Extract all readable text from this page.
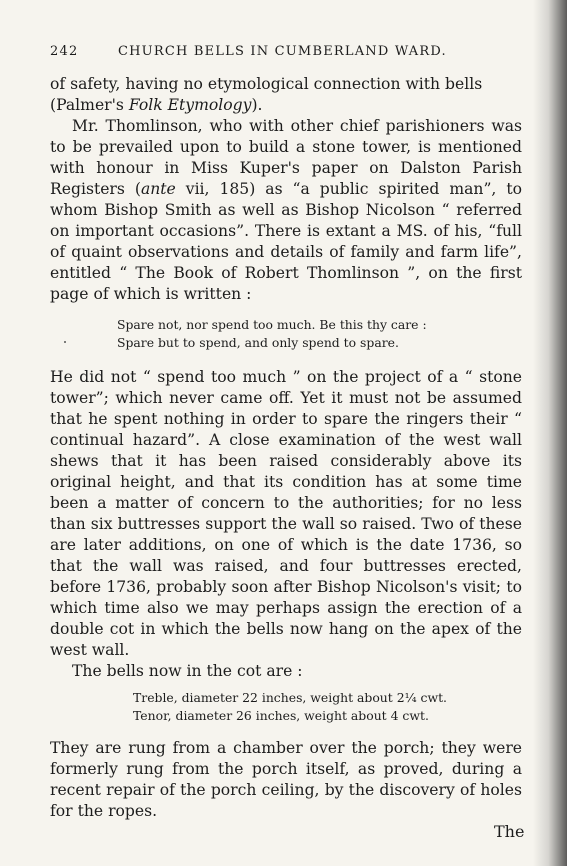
242	CHURCH BELLS IN CUMBERLAND WARD.

of safety, having no etymological connection with bells
(Palmer's Folk Etymology).

Mr. Thomlinson, who with other chief parishioners was to be prevailed upon to build a stone tower, is mentioned with honour in Miss Kuper's paper on Dalston Parish Registers (ante vii, 185) as “a public spirited man”, to whom Bishop Smith as well as Bishop Nicolson “ referred on important occasions”. There is extant a MS. of his, “full of quaint observations and details of family and farm life”, entitled “ The Book of Robert Thomlinson ”, on the first page of which is written :

Spare not, nor spend too much. Be this thy care :
Spare but to spend, and only spend to spare.

He did not “ spend too much ” on the project of a “ stone tower”; which never came off. Yet it must not be assumed that he spent nothing in order to spare the ringers their “ continual hazard”. A close examination of the west wall shews that it has been raised considerably above its original height, and that its condition has at some time been a matter of concern to the authorities; for no less than six buttresses support the wall so raised. Two of these are later additions, on one of which is the date 1736, so that the wall was raised, and four buttresses erected, before 1736, probably soon after Bishop Nicolson's visit; to which time also we may perhaps assign the erection of a double cot in which the bells now hang on the apex of the west wall.

The bells now in the cot are :

Treble, diameter 22 inches, weight about 2¼ cwt.
Tenor, diameter 26 inches, weight about 4 cwt.

They are rung from a chamber over the porch; they were formerly rung from the porch itself, as proved, during a recent repair of the porch ceiling, by the discovery of holes for the ropes.

The
